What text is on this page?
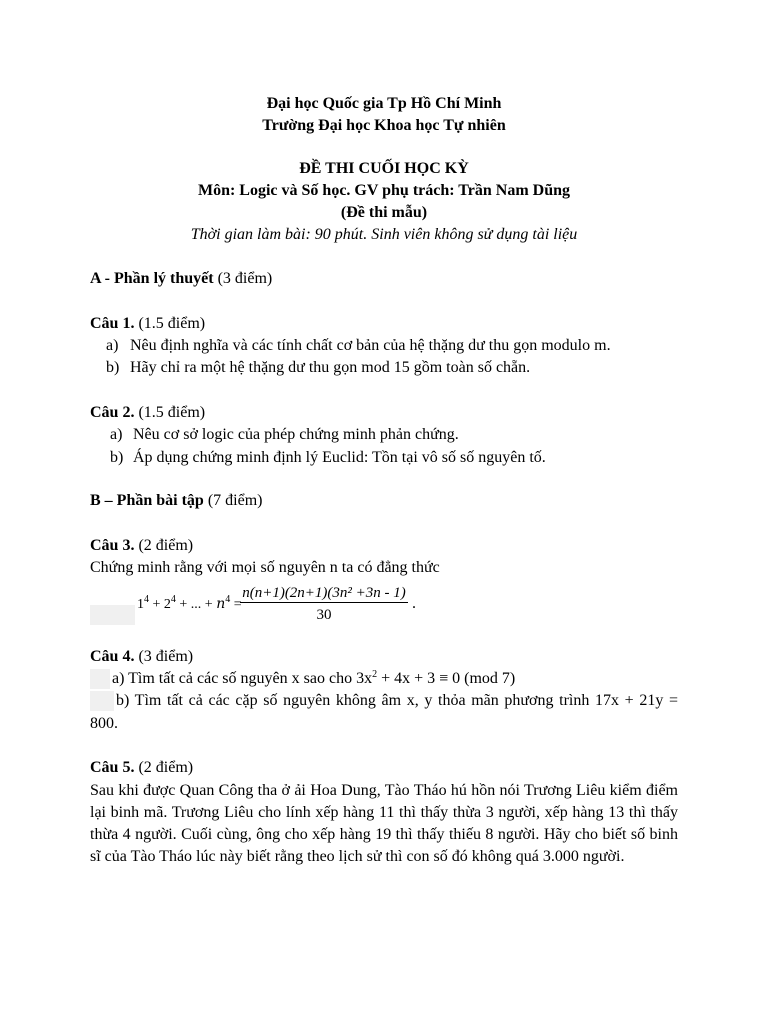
Đại học Quốc gia Tp Hồ Chí Minh
Trường Đại học Khoa học Tự nhiên
ĐỀ THI CUỐI HỌC KỲ
Môn: Logic và Số học. GV phụ trách: Trần Nam Dũng
(Đề thi mẫu)
Thời gian làm bài: 90 phút. Sinh viên không sử dụng tài liệu
A - Phần lý thuyết (3 điểm)
Câu 1. (1.5 điểm)
a) Nêu định nghĩa và các tính chất cơ bản của hệ thặng dư thu gọn modulo m.
b) Hãy chỉ ra một hệ thặng dư thu gọn mod 15 gồm toàn số chẵn.
Câu 2. (1.5 điểm)
a) Nêu cơ sở logic của phép chứng minh phản chứng.
b) Áp dụng chứng minh định lý Euclid: Tồn tại vô số số nguyên tố.
B – Phần bài tập (7 điểm)
Câu 3. (2 điểm)
Chứng minh rằng với mọi số nguyên n ta có đẳng thức
$1^4 + 2^4$ + ... + $n^4$ =
n(n+1)(2n+1)(3n² +3n - 1)
30
.
Câu 4. (3 điểm)
a) Tìm tất cả các số nguyên x sao cho $3x^2 + 4x + 3 \equiv 0$ (mod 7)
b) Tìm tất cả các cặp số nguyên không âm x, y thỏa mãn phương trình 17x + 21y =
800.
Câu 5. (2 điểm)
Sau khi được Quan Công tha ở ải Hoa Dung, Tào Tháo hú hồn nói Trương Liêu kiểm điểm lại binh mã. Trương Liêu cho lính xếp hàng 11 thì thấy thừa 3 người, xếp hàng 13 thì thấy thừa 4 người. Cuối cùng, ông cho xếp hàng 19 thì thấy thiếu 8 người. Hãy cho biết số binh sĩ của Tào Tháo lúc này biết rằng theo lịch sử thì con số đó không quá 3.000 người.
